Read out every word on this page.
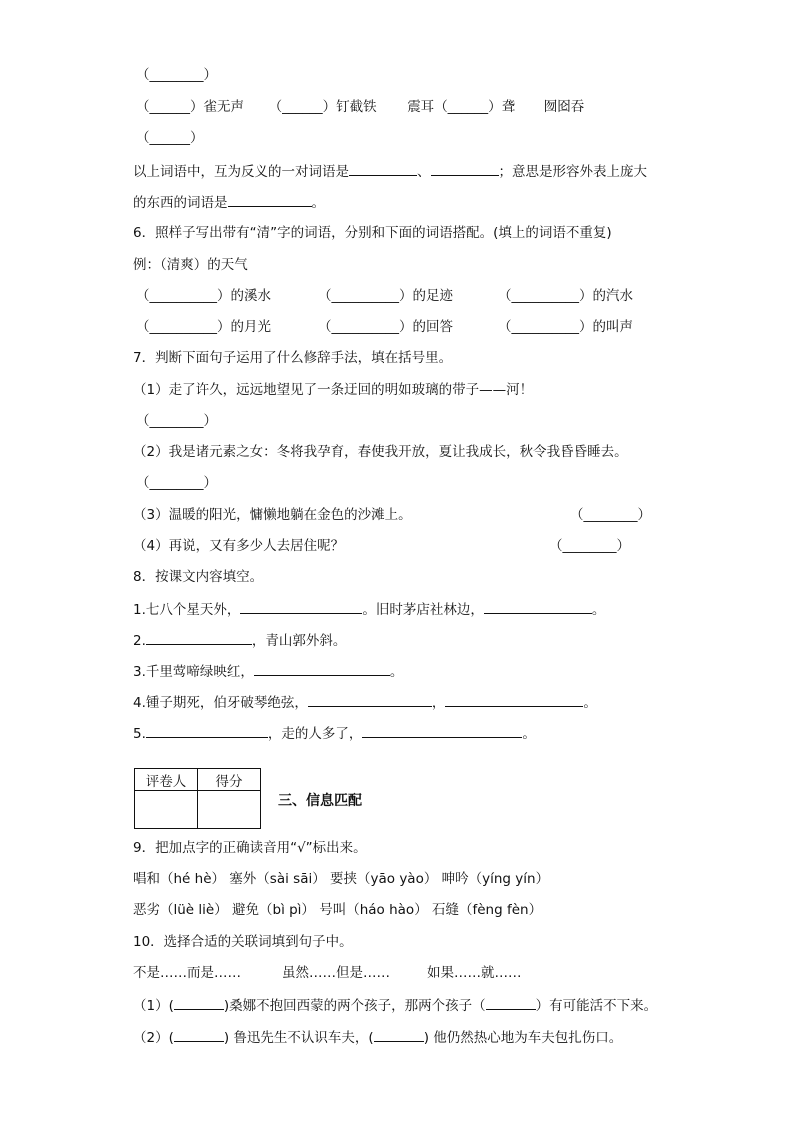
（________）
（______）雀无声 （______）钉截铁 震耳（______）聋 囫囵吞
（______）
以上词语中，互为反义的一对词语是	、	；意思是形容外表上庞大
的东西的词语是	。
6．照样子写出带有“清”字的词语，分别和下面的词语搭配。(填上的词语不重复)
例：（清爽）的天气
（__________）的溪水	（__________）的足迹	（__________）的汽水
（__________）的月光	（__________）的回答	（__________）的叫声
7．判断下面句子运用了什么修辞手法，填在括号里。
（1）走了许久，远远地望见了一条迂回的明如玻璃的带子——河！
（________）
（2）我是诸元素之女：冬将我孕育，春使我开放，夏让我成长，秋令我昏昏睡去。
（________）
（3）温暖的阳光，慵懒地躺在金色的沙滩上。	（________）
（4）再说，又有多少人去居住呢？	（________）
8．按课文内容填空。
1.七八个星天外，	。旧时茅店社林边，	。
2.	，青山郭外斜。
3.千里莺啼绿映红，	。
4.锺子期死，伯牙破琴绝弦，	，	。
5.	，走的人多了，	。
评卷人	得分

三、信息匹配
9．把加点字的正确读音用“√”标出来。
唱和（hé hè） 塞外（sài sāi） 要挟（yāo yào） 呻吟（yíng yín）
恶劣（lüè liè） 避免（bì pì） 号叫（háo hào） 石缝（fèng fèn）
10．选择合适的关联词填到句子中。
不是……而是……	虽然……但是……	如果……就……
（1）(	)桑娜不抱回西蒙的两个孩子，那两个孩子（	）有可能活不下来。
（2）(	) 鲁迅先生不认识车夫，(	) 他仍然热心地为车夫包扎伤口。
